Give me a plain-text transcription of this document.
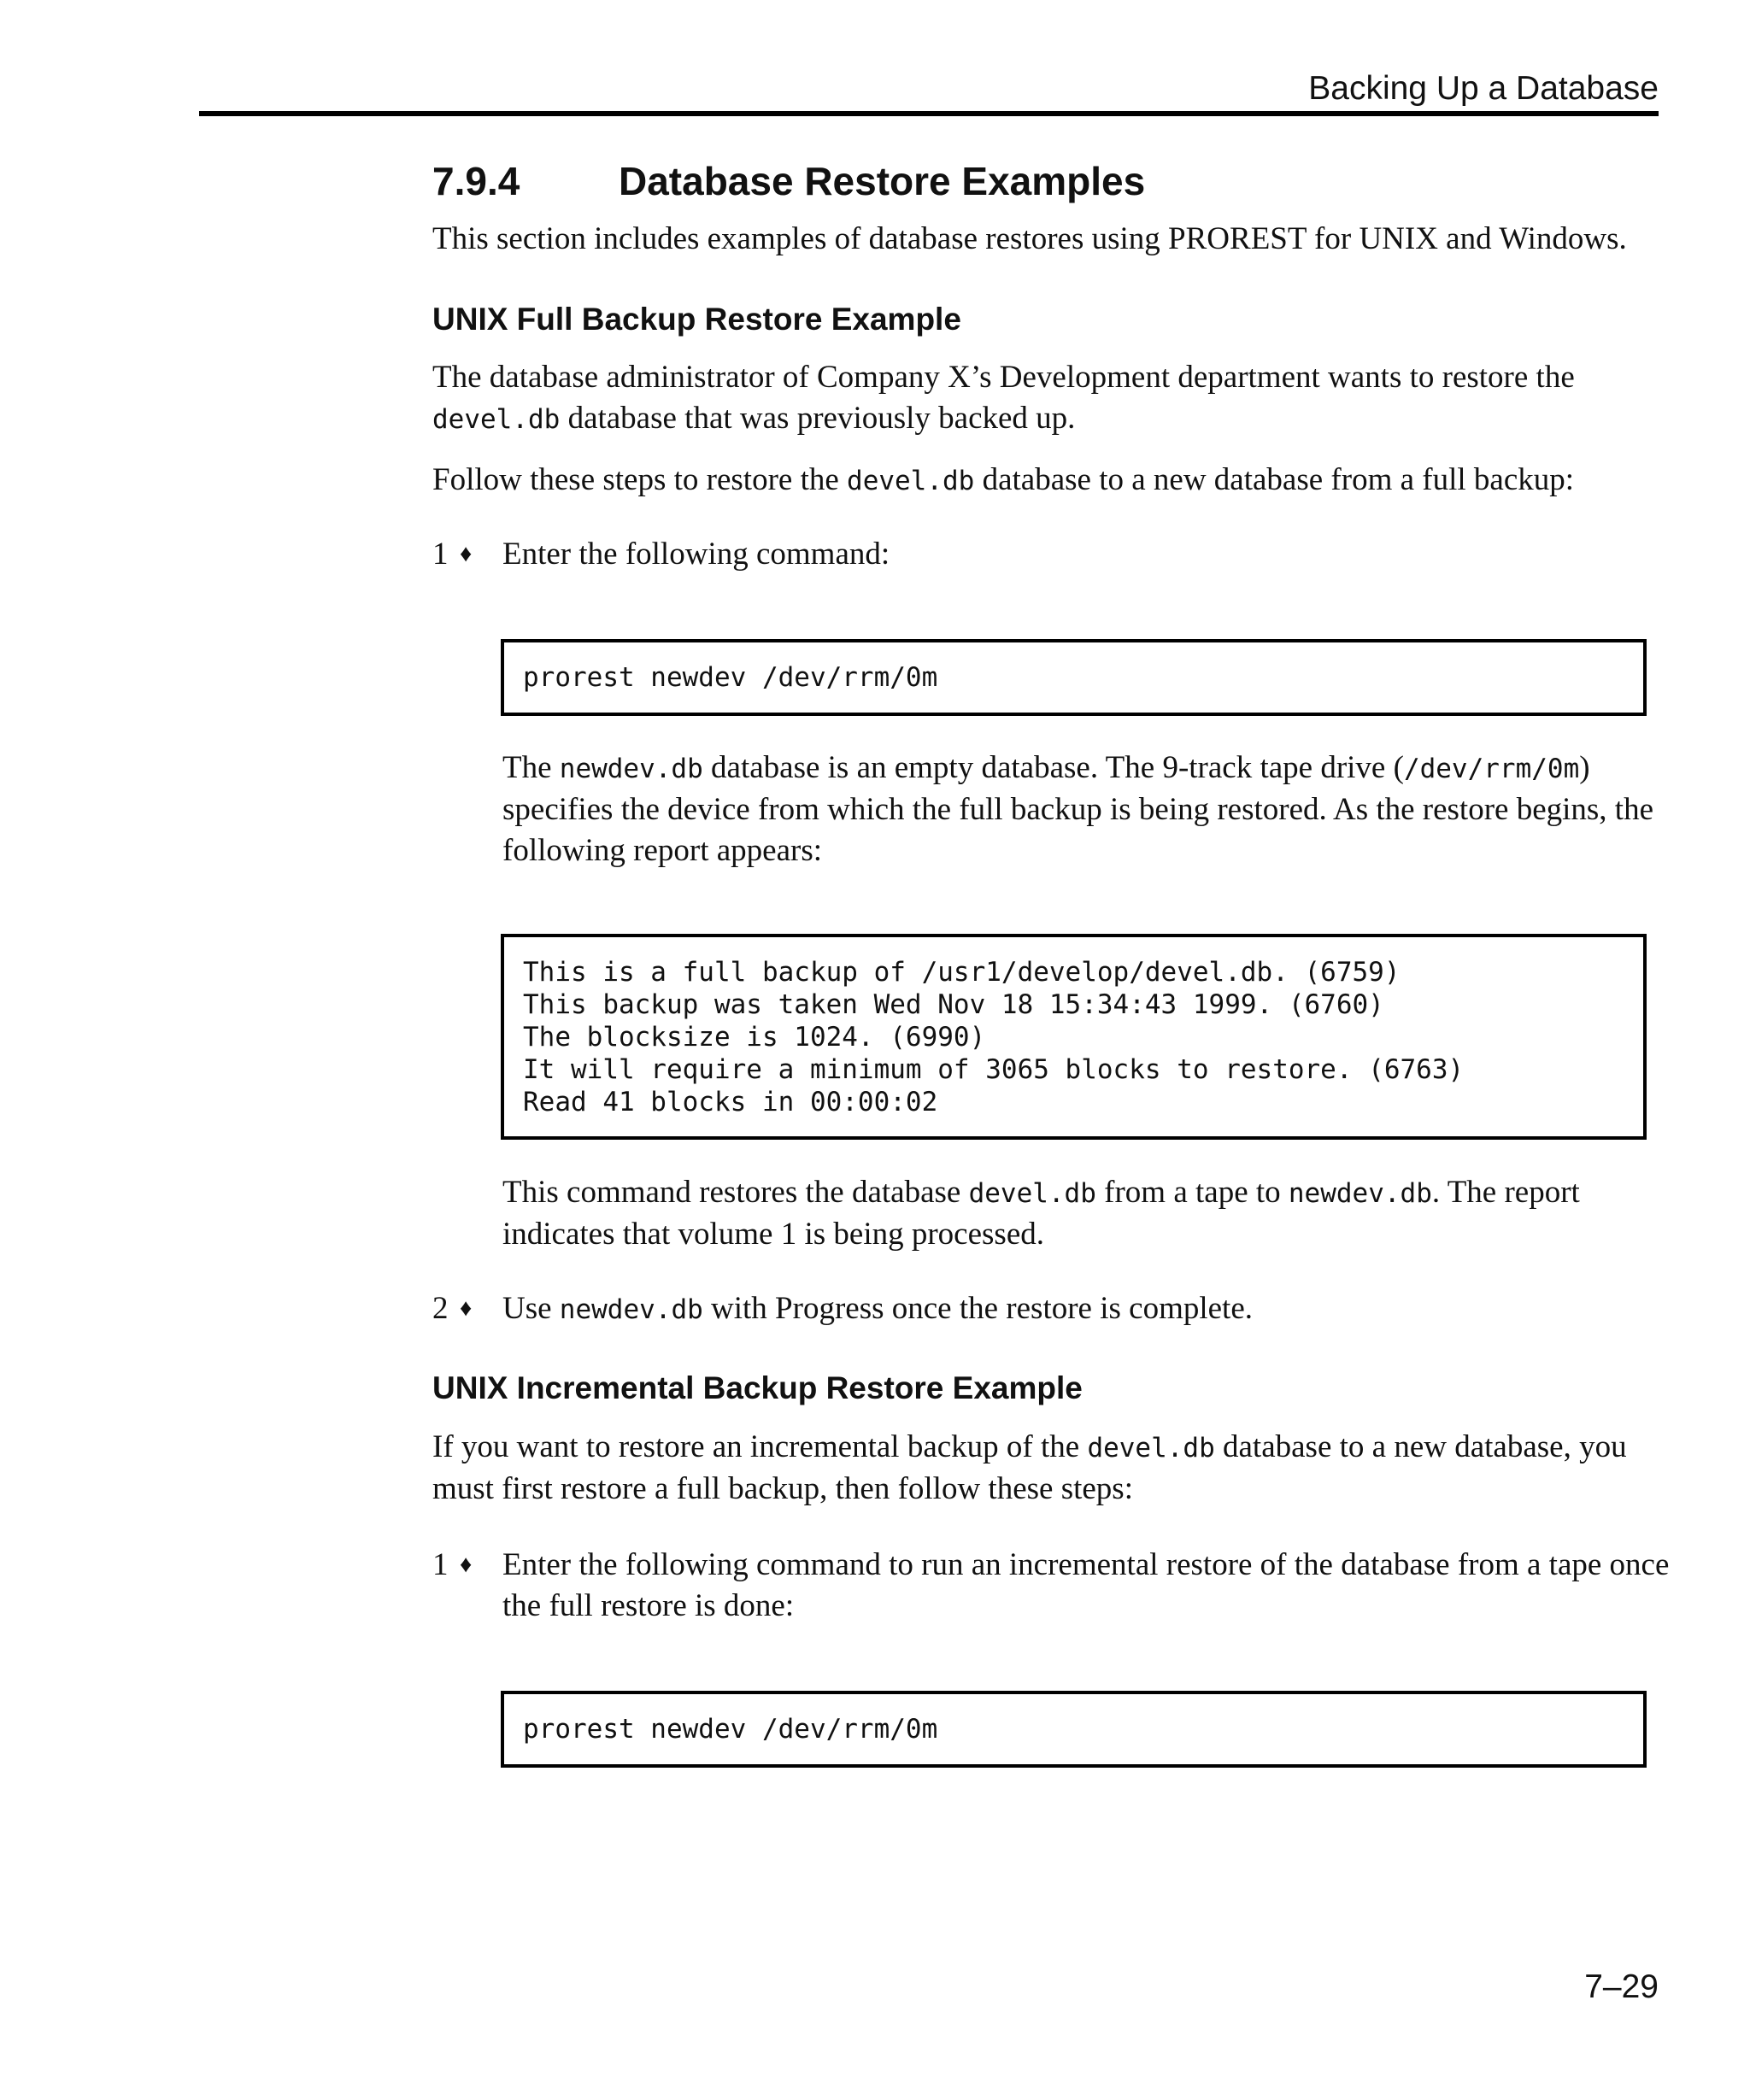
Backing Up a Database
7.9.4	Database Restore Examples

This section includes examples of database restores using PROREST for UNIX and Windows.

UNIX Full Backup Restore Example

The database administrator of Company X’s Development department wants to restore the devel.db database that was previously backed up.

Follow these steps to restore the devel.db database to a new database from a full backup:

1 ♦ Enter the following command:
prorest newdev /dev/rrm/0m

The newdev.db database is an empty database. The 9-track tape drive (/dev/rrm/0m) specifies the device from which the full backup is being restored. As the restore begins, the following report appears:

This is a full backup of /usr1/develop/devel.db. (6759)
This backup was taken Wed Nov 18 15:34:43 1999. (6760)
The blocksize is 1024. (6990)
It will require a minimum of 3065 blocks to restore. (6763)
Read 41 blocks in 00:00:02

This command restores the database devel.db from a tape to newdev.db. The report indicates that volume 1 is being processed.

2 ♦ Use newdev.db with Progress once the restore is complete.
UNIX Incremental Backup Restore Example

If you want to restore an incremental backup of the devel.db database to a new database, you must first restore a full backup, then follow these steps:

1 ♦ Enter the following command to run an incremental restore of the database from a tape once the full restore is done:
prorest newdev /dev/rrm/0m
7–29
